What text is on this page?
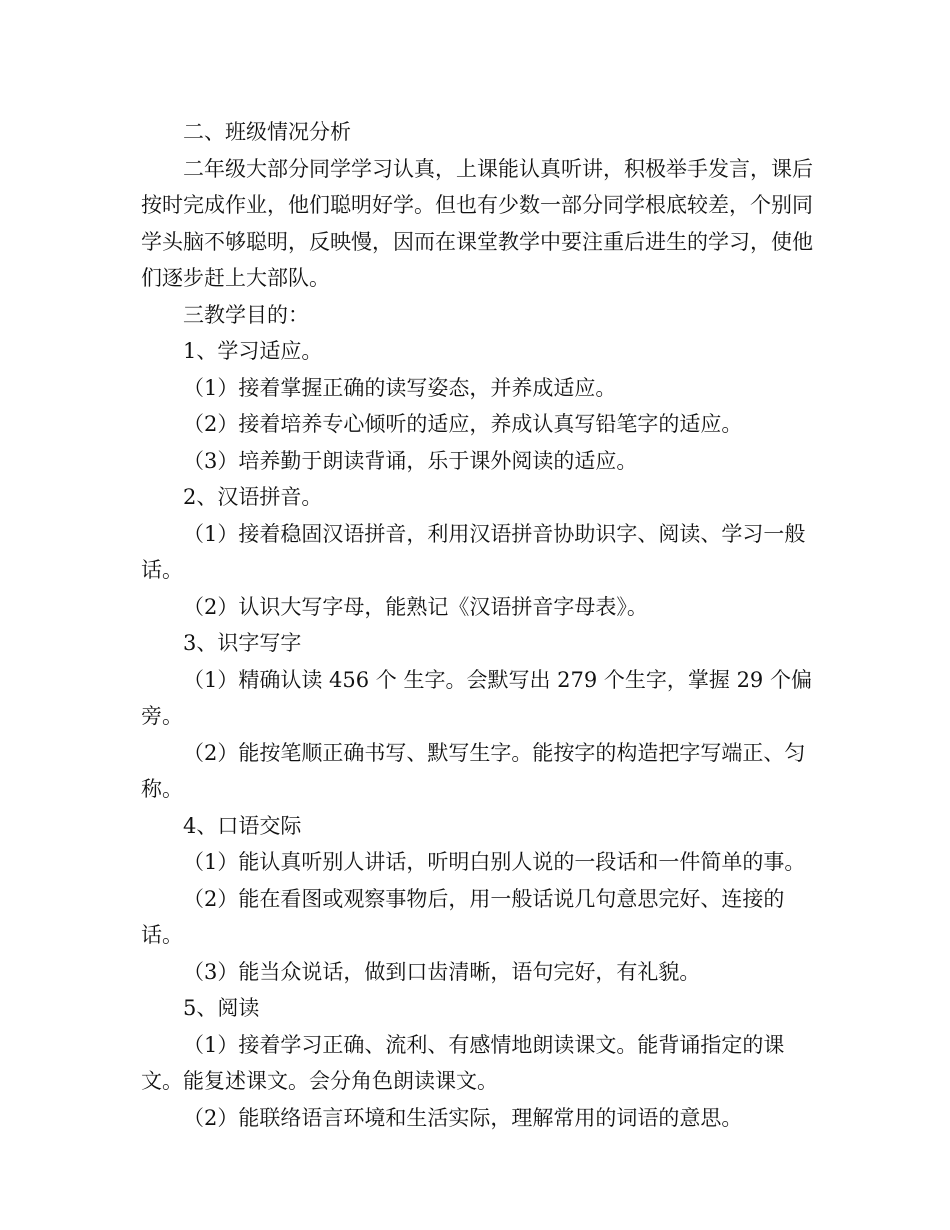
二、班级情况分析

二年级大部分同学学习认真，上课能认真听讲，积极举手发言，课后按时完成作业，他们聪明好学。但也有少数一部分同学根底较差，个别同学头脑不够聪明，反映慢，因而在课堂教学中要注重后进生的学习，使他们逐步赶上大部队。

三教学目的：

1、学习适应。

（1）接着掌握正确的读写姿态，并养成适应。

（2）接着培养专心倾听的适应，养成认真写铅笔字的适应。

（3）培养勤于朗读背诵，乐于课外阅读的适应。

2、汉语拼音。

（1）接着稳固汉语拼音，利用汉语拼音协助识字、阅读、学习一般话。

（2）认识大写字母，能熟记《汉语拼音字母表》。

3、识字写字

（1）精确认读 456 个 生字。会默写出 279 个生字，掌握 29 个偏旁。

（2）能按笔顺正确书写、默写生字。能按字的构造把字写端正、匀称。

4、口语交际

（1）能认真听别人讲话，听明白别人说的一段话和一件简单的事。

（2）能在看图或观察事物后，用一般话说几句意思完好、连接的话。

（3）能当众说话，做到口齿清晰，语句完好，有礼貌。

5、阅读

（1）接着学习正确、流利、有感情地朗读课文。能背诵指定的课文。能复述课文。会分角色朗读课文。

（2）能联络语言环境和生活实际，理解常用的词语的意思。
